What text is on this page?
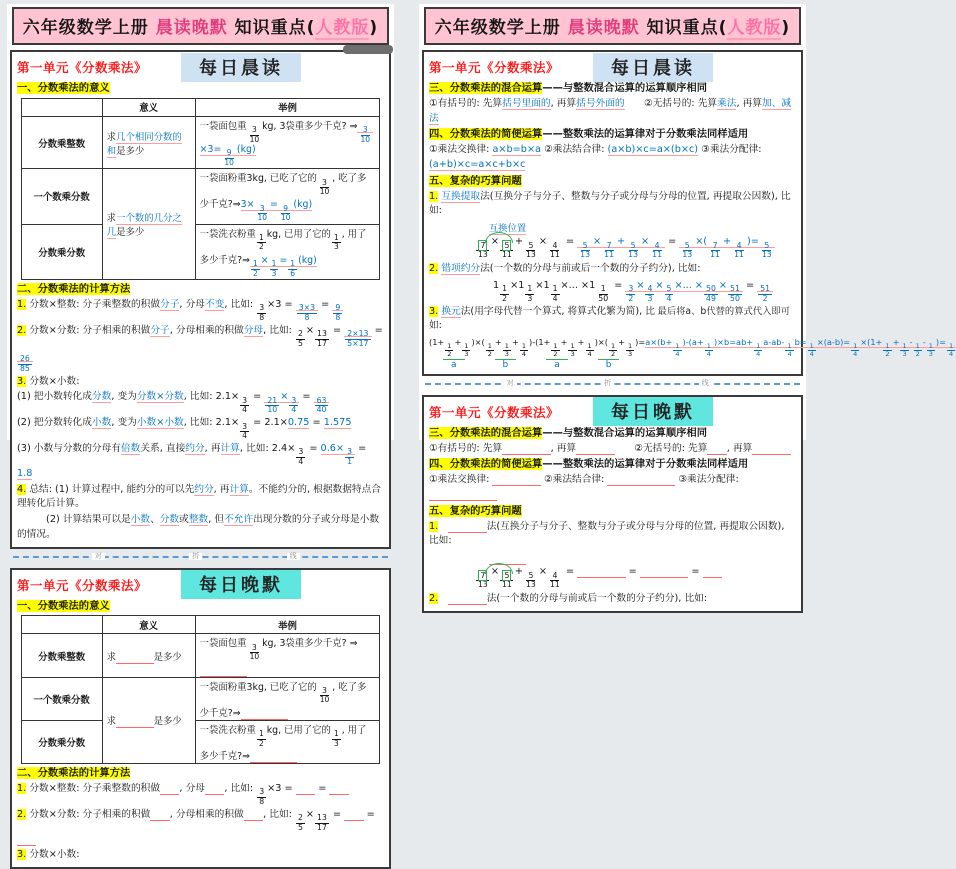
六年级数学上册 晨读晚默 知识重点(人教版)
第一单元《分数乘法》	每日晨读
一、分数乘法的意义
	意义	举例
分数乘整数	求几个相同分数的和是多少	一袋面包重 $\frac{3}{10}$ kg, 3袋重多少千克? ⇒ $\frac{3}{10}$
$\times 3= \frac{9}{10} (kg)$
一个数乘分数	求一个数的几分之几是多少	一袋面粉重3kg, 已吃了它的 $\frac{3}{10}$ , 吃了多少千克?⇒3× $\frac{3}{10} = \frac{9}{10} (kg)$
分数乘分数	一袋洗衣粉重 $\frac{1}{2}$ kg, 已用了它的 $\frac{1}{3}$ , 用了多少千克?⇒ $\frac{1}{2} \times \frac{1}{3} = \frac{1}{6} (kg)$
二、分数乘法的计算方法
1. 分数×整数: 分子乘整数的积做分子, 分母不变, 比如: $\frac{3}{8} \times 3 = \frac{3\times 3}{8} = \frac{9}{8}$
2. 分数×分数: 分子相乘的积做分子, 分母相乘的积做分母, 比如: $\frac{2}{5} \times \frac{13}{17} = \frac{2\times 13}{5\times 17}$ =
$\frac{26}{85}$
3. 分数×小数:
(1) 把小数转化成分数, 变为分数×分数, 比如: $2.1\times \frac{3}{4} = \frac{21}{10} \times \frac{3}{4} = \frac{63}{40}$
(2) 把分数转化成小数, 变为小数×小数, 比如: $2.1\times \frac{3}{4} = 2.1\times 0.75 = 1.575$
(3) 小数与分数的分母有倍数关系, 直接约分, 再计算, 比如: $2.4\times \frac{3}{4} = 0.6\times \frac{3}{1} = 1.8$
4. 总结: (1) 计算过程中, 能约分的可以先约分, 再计算。不能约分的, 根据数据特点合理转化后计算。
　　　(2) 计算结果可以是小数、分数或整数, 但不允许出现分数的分子或分母是小数的情况。
对	折	线
第一单元《分数乘法》	每日晚默
一、分数乘法的意义
	意义	举例
分数乘整数	求　　　　 是多少	一袋面包重 $\frac{3}{10}$ kg, 3袋重多少千克? ⇒ 　　　　　
一个数乘分数	求　　　　 是多少	一袋面粉重3kg, 已吃了它的 $\frac{3}{10}$ , 吃了多少千克?⇒　　　　　
分数乘分数	一袋洗衣粉重 $\frac{1}{2}$ kg, 已用了它的 $\frac{1}{3}$ , 用了多少千克?⇒　　　　　
二、分数乘法的计算方法
1. 分数×整数: 分子乘整数的积做　　 , 分母　　 , 比如: $\frac{3}{8} \times 3$ = 　　 = 　　
2. 分数×分数: 分子相乘的积做　　 , 分母相乘的积做　　 , 比如: $\frac{2}{5} \times \frac{13}{17}$ = 　　 = 　　
3. 分数×小数:
六年级数学上册 晨读晚默 知识重点(人教版)
第一单元《分数乘法》	每日晨读
三、分数乘法的混合运算——与整数混合运算的运算顺序相同
①有括号的: 先算括号里面的, 再算括号外面的　　②无括号的: 先算乘法, 再算加、减法
四、分数乘法的简便运算——整数乘法的运算律对于分数乘法同样适用
①乘法交换律: a×b=b×a ②乘法结合律: (a×b)×c=a×(b×c) ③乘法分配律: (a+b)×c=a×c+b×c
五、复杂的巧算问题
1. 互换提取法(互换分子与分子、整数与分子或分母与分母的位置, 再提取公因数), 比如:
互换位置
$\frac{7}{13} \times \frac{5}{11} + \frac{5}{13} \times \frac{4}{11} = \frac{5}{13} \times \frac{7}{11} + \frac{5}{13} \times \frac{4}{11} = \frac{5}{13}$ ×( $\frac{7}{11} + \frac{4}{11}$ )= $\frac{5}{13}$
2. 错项约分法(一个数的分母与前或后一个数的分子约分), 比如:
$1 \frac{1}{2} \times 1 \frac{1}{3} \times 1 \frac{1}{4}$ ×... $\times 1 \frac{1}{50} = \frac{3}{2} \times \frac{4}{3} \times \frac{5}{4}$ ×... × $\frac{50}{49} \times \frac{51}{50} = \frac{51}{2}$
最后将a、b代替的算式代入即可
3. 换元法(用字母代替一个算式, 将算式化繁为简), 比如:
(1+
$\frac{1}{2}$
+
$\frac{1}{3}$
)×(
$\frac{1}{2}$
+
$\frac{1}{3}$
+
$\frac{1}{4}$
)-(1+
$\frac{1}{2}$
+
$\frac{1}{3}$
+
$\frac{1}{4}$
)×(
$\frac{1}{2}$
+
$\frac{1}{3}$
)=a×(b+
$\frac{1}{4}$
)-(a+
$\frac{1}{4}$
)×b=ab+
$\frac{1}{4}$
a-ab-
$\frac{1}{4}$
b=
$\frac{1}{4}$
×(a-b)=
$\frac{1}{4}$
×(1+
$\frac{1}{2}$
+
$\frac{1}{3}$
-
$\frac{1}{2}$
-
$\frac{1}{3}$
)=
$\frac{1}{4}$
a	b	a	b
对	折	线
第一单元《分数乘法》	每日晚默
三、分数乘法的混合运算——与整数混合运算的运算顺序相同
①有括号的: 先算　　　　　	, 再算　　　　	　　②无括号的: 先算　　 , 再算　　　　
四、分数乘法的简便运算——整数乘法的运算律对于分数乘法同样适用
①乘法交换律: 　　　　　	②乘法结合律: 　　　　　　　	③乘法分配律: 　　　　　　　
五、复杂的巧算问题
1.　　　　　	法(互换分子与分子、整数与分子或分母与分母的位置, 再提取公因数), 比如:

$\frac{7}{13} \times \frac{5}{11} + \frac{5}{13} \times \frac{4}{11}$ = 　　　　　	= 　　　　　	= 　　
2.　　　　　	法(一个数的分母与前或后一个数的分子约分), 比如:
